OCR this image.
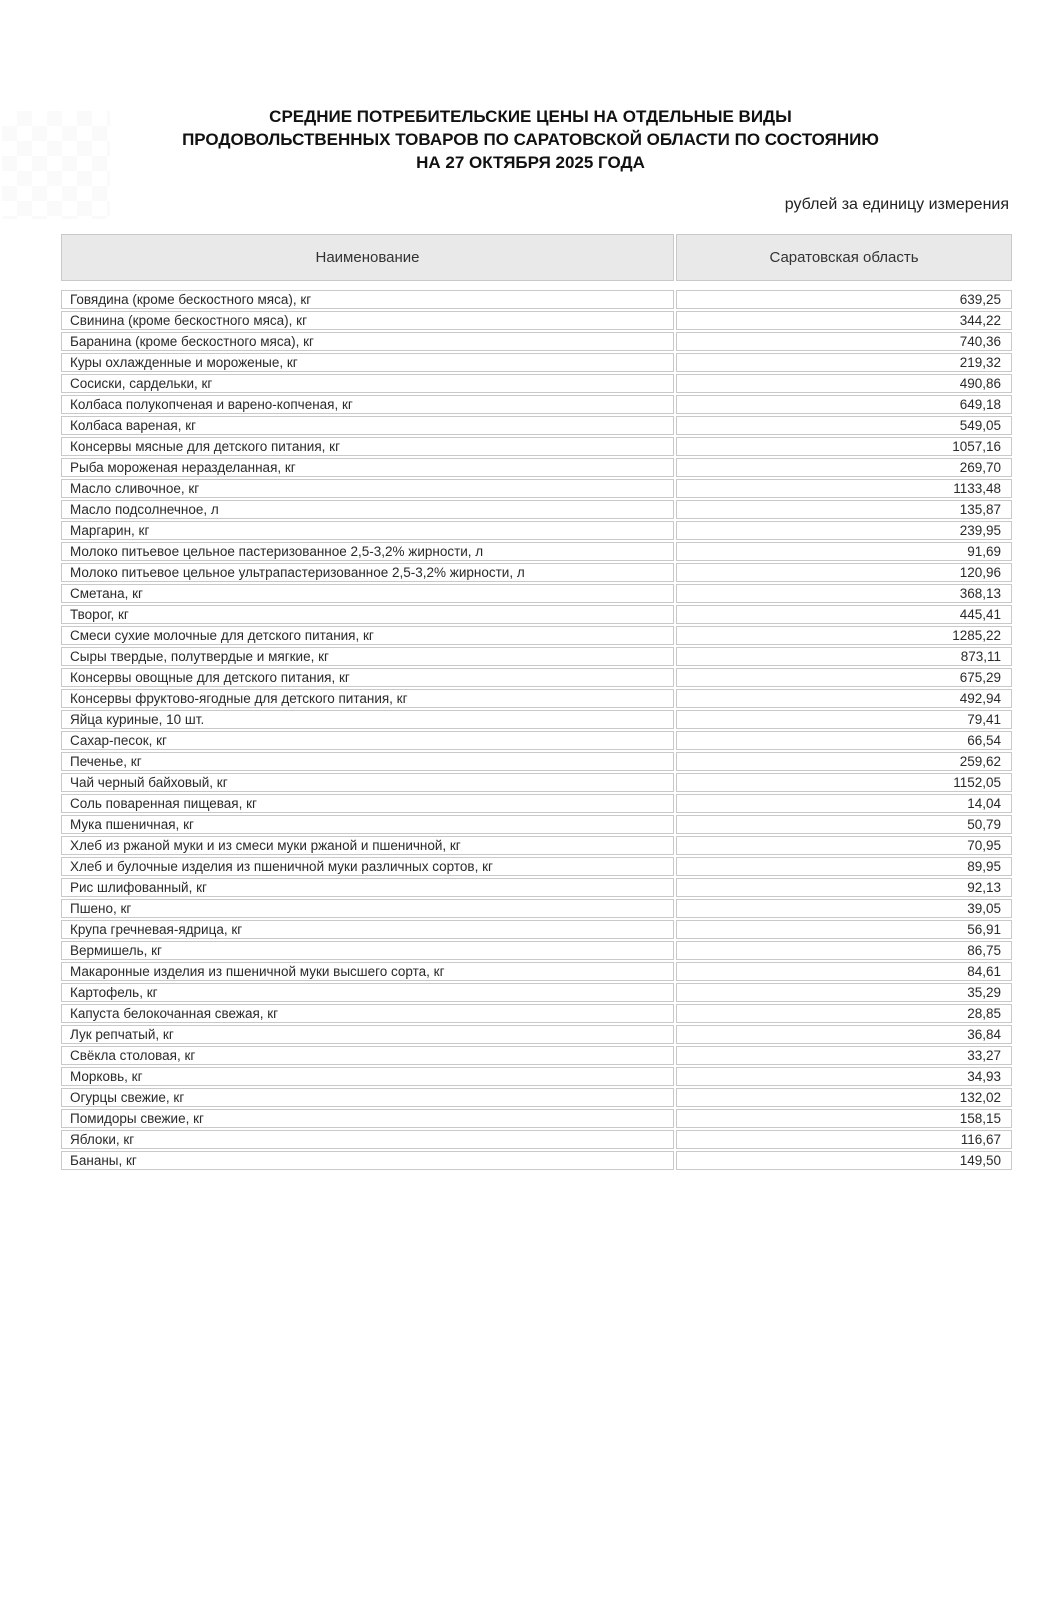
СРЕДНИЕ ПОТРЕБИТЕЛЬСКИЕ ЦЕНЫ НА ОТДЕЛЬНЫЕ ВИДЫ
ПРОДОВОЛЬСТВЕННЫХ ТОВАРОВ ПО САРАТОВСКОЙ ОБЛАСТИ ПО СОСТОЯНИЮ
НА 27 ОКТЯБРЯ 2025 ГОДА
рублей за единицу измерения
Наименование	Саратовская область

Говядина (кроме бескостного мяса), кг	639,25
Свинина (кроме бескостного мяса), кг	344,22
Баранина (кроме бескостного мяса), кг	740,36
Куры охлажденные и мороженые, кг	219,32
Сосиски, сардельки, кг	490,86
Колбаса полукопченая и варено-копченая, кг	649,18
Колбаса вареная, кг	549,05
Консервы мясные для детского питания, кг	1057,16
Рыба мороженая неразделанная, кг	269,70
Масло сливочное, кг	1133,48
Масло подсолнечное, л	135,87
Маргарин, кг	239,95
Молоко питьевое цельное пастеризованное 2,5-3,2% жирности, л	91,69
Молоко питьевое цельное ультрапастеризованное 2,5-3,2% жирности, л	120,96
Сметана, кг	368,13
Творог, кг	445,41
Смеси сухие молочные для детского питания, кг	1285,22
Сыры твердые, полутвердые и мягкие, кг	873,11
Консервы овощные для детского питания, кг	675,29
Консервы фруктово-ягодные для детского питания, кг	492,94
Яйца куриные, 10 шт.	79,41
Сахар-песок, кг	66,54
Печенье, кг	259,62
Чай черный байховый, кг	1152,05
Соль поваренная пищевая, кг	14,04
Мука пшеничная, кг	50,79
Хлеб из ржаной муки и из смеси муки ржаной и пшеничной, кг	70,95
Хлеб и булочные изделия из пшеничной муки различных сортов, кг	89,95
Рис шлифованный, кг	92,13
Пшено, кг	39,05
Крупа гречневая-ядрица, кг	56,91
Вермишель, кг	86,75
Макаронные изделия из пшеничной муки высшего сорта, кг	84,61
Картофель, кг	35,29
Капуста белокочанная свежая, кг	28,85
Лук репчатый, кг	36,84
Свёкла столовая, кг	33,27
Морковь, кг	34,93
Огурцы свежие, кг	132,02
Помидоры свежие, кг	158,15
Яблоки, кг	116,67
Бананы, кг	149,50
